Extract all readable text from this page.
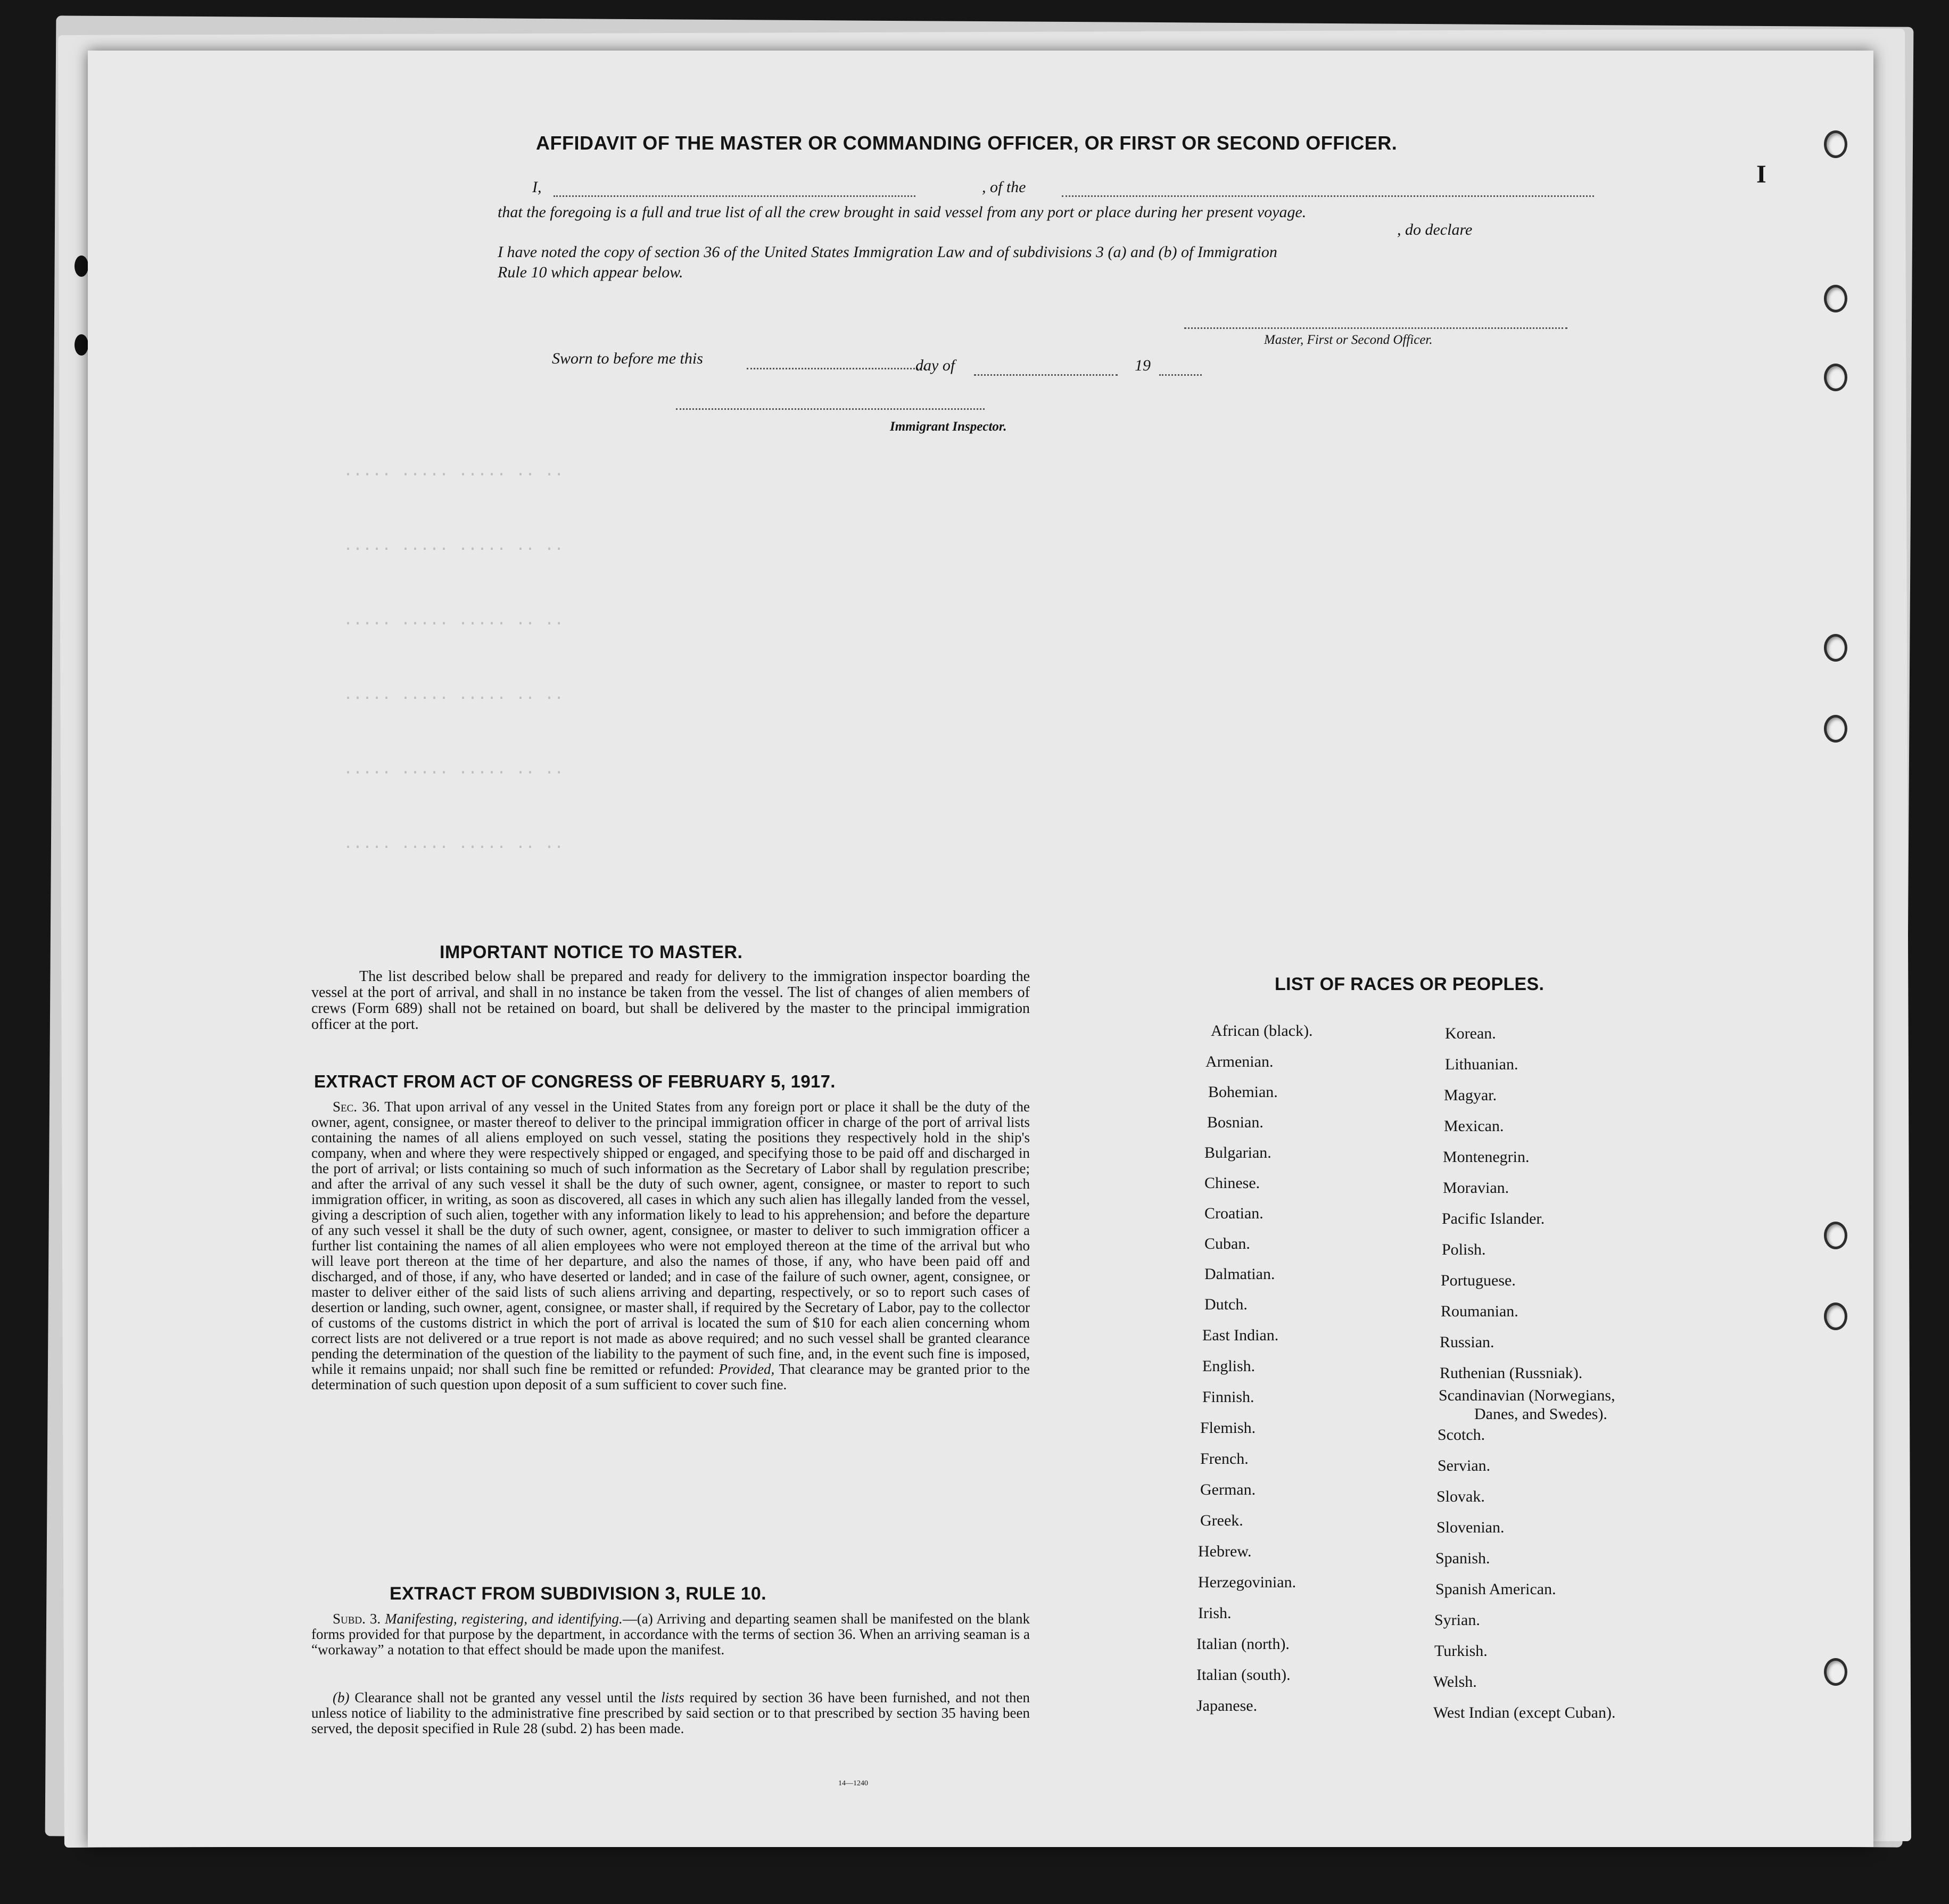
····· ····· ····· ·· ··
····· ····· ····· ·· ··
····· ····· ····· ·· ··
····· ····· ····· ·· ··
····· ····· ····· ·· ··
····· ····· ····· ·· ··
AFFIDAVIT OF THE MASTER OR COMMANDING OFFICER, OR FIRST OR SECOND OFFICER.
I
I,	, of the
that the foregoing is a full and true list of all the crew brought in said vessel from any port or place during her present voyage.
, do declare
I have noted the copy of section 36 of the United States Immigration Law and of subdivisions 3 (a) and (b) of Immigration
Rule 10 which appear below.
Master, First or Second Officer.
Sworn to before me this	day of	19
Immigrant Inspector.
IMPORTANT NOTICE TO MASTER.
The list described below shall be prepared and ready for delivery to the immigration inspector boarding the vessel at the port of arrival, and shall in no instance be taken from the vessel. The list of changes of alien members of crews (Form 689) shall not be retained on board, but shall be delivered by the master to the principal immigration officer at the port.
EXTRACT FROM ACT OF CONGRESS OF FEBRUARY 5, 1917.
Sec. 36. That upon arrival of any vessel in the United States from any foreign port or place it shall be the duty of the owner, agent, consignee, or master thereof to deliver to the principal immigration officer in charge of the port of arrival lists containing the names of all aliens employed on such vessel, stating the positions they respectively hold in the ship's company, when and where they were respectively shipped or engaged, and specifying those to be paid off and discharged in the port of arrival; or lists containing so much of such information as the Secretary of Labor shall by regulation prescribe; and after the arrival of any such vessel it shall be the duty of such owner, agent, consignee, or master to report to such immigration officer, in writing, as soon as discovered, all cases in which any such alien has illegally landed from the vessel, giving a description of such alien, together with any information likely to lead to his apprehension; and before the departure of any such vessel it shall be the duty of such owner, agent, consignee, or master to deliver to such immigration officer a further list containing the names of all alien employees who were not employed thereon at the time of the arrival but who will leave port thereon at the time of her departure, and also the names of those, if any, who have been paid off and discharged, and of those, if any, who have deserted or landed; and in case of the failure of such owner, agent, consignee, or master to deliver either of the said lists of such aliens arriving and departing, respectively, or so to report such cases of desertion or landing, such owner, agent, consignee, or master shall, if required by the Secretary of Labor, pay to the collector of customs of the customs district in which the port of arrival is located the sum of $10 for each alien concerning whom correct lists are not delivered or a true report is not made as above required; and no such vessel shall be granted clearance pending the determination of the question of the liability to the payment of such fine, and, in the event such fine is imposed, while it remains unpaid; nor shall such fine be remitted or refunded: Provided, That clearance may be granted prior to the determination of such question upon deposit of a sum sufficient to cover such fine.
EXTRACT FROM SUBDIVISION 3, RULE 10.
Subd. 3. Manifesting, registering, and identifying.—(a) Arriving and departing seamen shall be manifested on the blank forms provided for that purpose by the department, in accordance with the terms of section 36. When an arriving seaman is a “workaway” a notation to that effect should be made upon the manifest.
(b) Clearance shall not be granted any vessel until the lists required by section 36 have been furnished, and not then unless notice of liability to the administrative fine prescribed by said section or to that prescribed by section 35 having been served, the deposit specified in Rule 28 (subd. 2) has been made.
14—1240
LIST OF RACES OR PEOPLES.
African (black).
Armenian.
Bohemian.
Bosnian.
Bulgarian.
Chinese.
Croatian.
Cuban.
Dalmatian.
Dutch.
East Indian.
English.
Finnish.
Flemish.
French.
German.
Greek.
Hebrew.
Herzegovinian.
Irish.
Italian (north).
Italian (south).
Japanese.
Korean.
Lithuanian.
Magyar.
Mexican.
Montenegrin.
Moravian.
Pacific Islander.
Polish.
Portuguese.
Roumanian.
Russian.
Ruthenian (Russniak).
Scandinavian (Norwegians,
Danes, and Swedes).
Scotch.
Servian.
Slovak.
Slovenian.
Spanish.
Spanish American.
Syrian.
Turkish.
Welsh.
West Indian (except Cuban).
